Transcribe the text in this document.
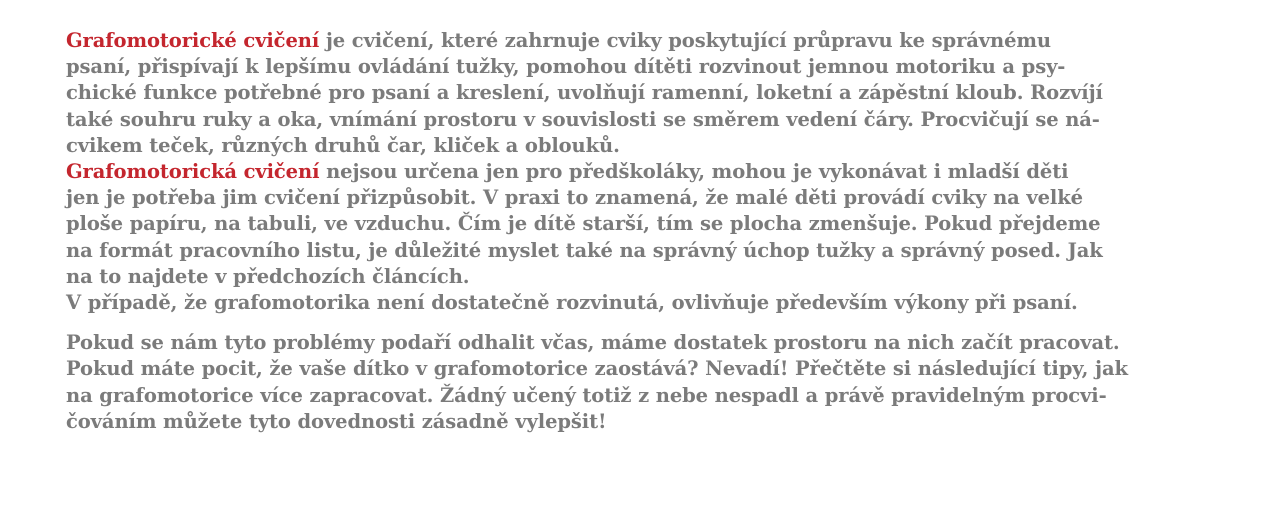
Grafomotorické cvičení je cvičení, které zahrnuje cviky poskytující průpravu ke správnému
psaní, přispívají k lepšímu ovládání tužky, pomohou dítěti rozvinout jemnou motoriku a psy-
chické funkce potřebné pro psaní a kreslení, uvolňují ramenní, loketní a zápěstní kloub. Rozvíjí
také souhru ruky a oka, vnímání prostoru v souvislosti se směrem vedení čáry. Procvičují se ná-
cvikem teček, různých druhů čar, kliček a oblouků.
Grafomotorická cvičení nejsou určena jen pro předškoláky, mohou je vykonávat i mladší děti
jen je potřeba jim cvičení přizpůsobit. V praxi to znamená, že malé děti provádí cviky na velké
ploše papíru, na tabuli, ve vzduchu. Čím je dítě starší, tím se plocha zmenšuje. Pokud přejdeme
na formát pracovního listu, je důležité myslet také na správný úchop tužky a správný posed. Jak
na to najdete v předchozích článcích.
V případě, že grafomotorika není dostatečně rozvinutá, ovlivňuje především výkony při psaní.
Pokud se nám tyto problémy podaří odhalit včas, máme dostatek prostoru na nich začít pracovat.
Pokud máte pocit, že vaše dítko v grafomotorice zaostává? Nevadí! Přečtěte si následující tipy, jak
na grafomotorice více zapracovat. Žádný učený totiž z nebe nespadl a právě pravidelným procvi-
čováním můžete tyto dovednosti zásadně vylepšit!
